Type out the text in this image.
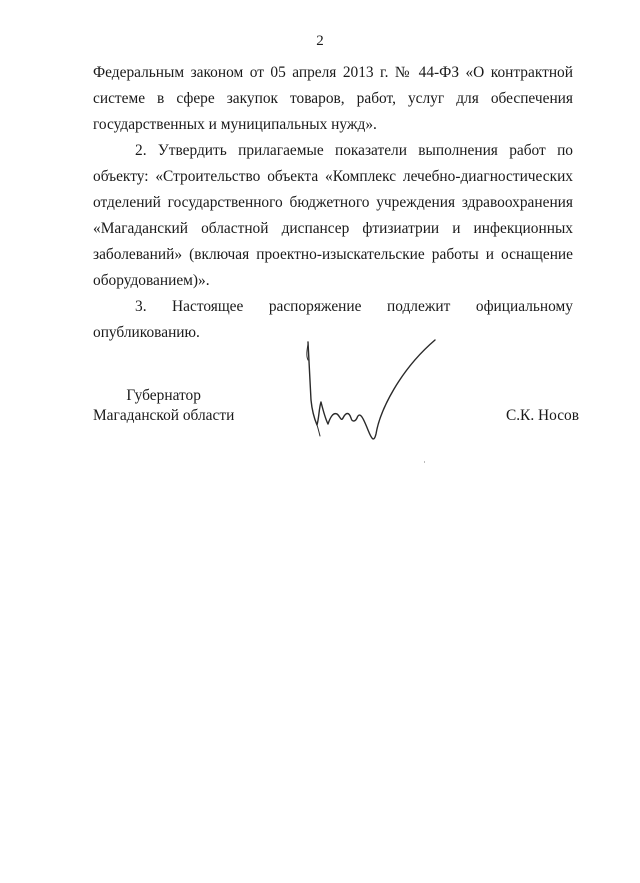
2

Федеральным законом от 05 апреля 2013 г. № 44-ФЗ «О контрактной системе в сфере закупок товаров, работ, услуг для обеспечения государственных и муниципальных нужд».

2. Утвердить прилагаемые показатели выполнения работ по объекту: «Строительство объекта «Комплекс лечебно-диагностических отделений государственного бюджетного учреждения здравоохранения «Магаданский областной диспансер фтизиатрии и инфекционных заболеваний» (включая проектно-изыскательские работы и оснащение оборудованием)».

3. Настоящее распоряжение подлежит официальному опубликованию.

Губернатор
Магаданской области	С.К. Носов
